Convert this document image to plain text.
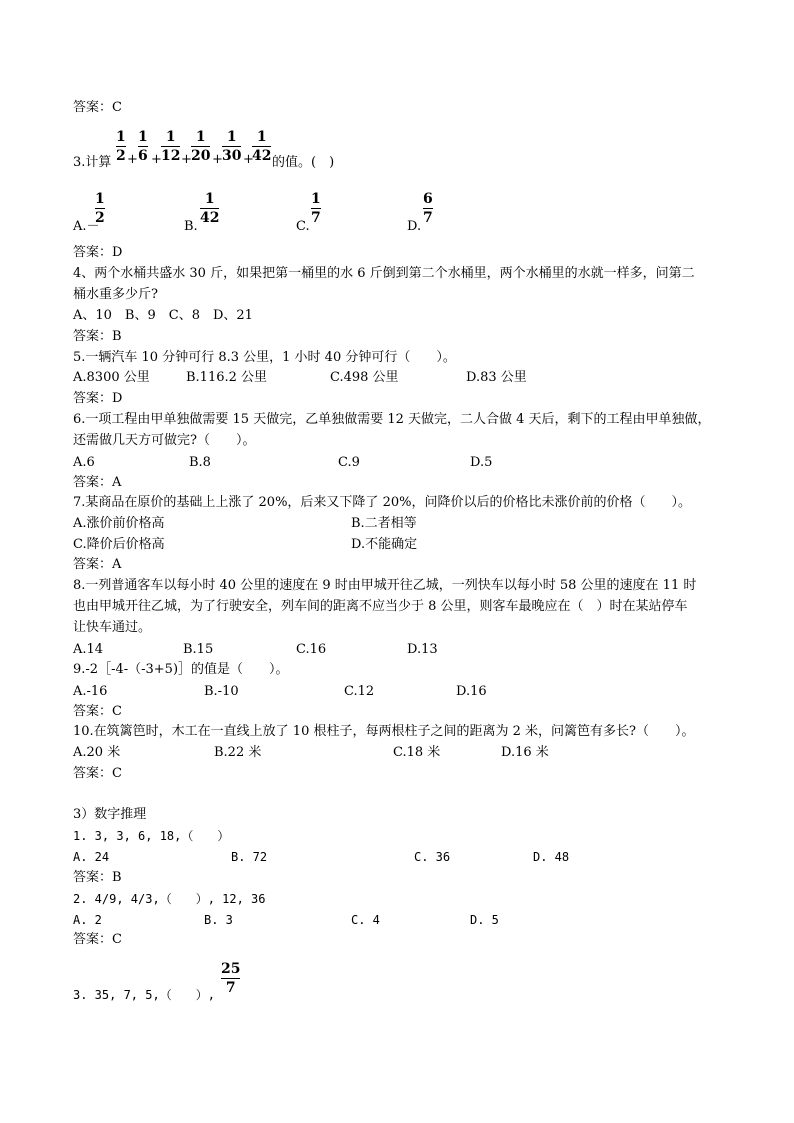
答案：C
1
2 +
1
6 +
1
12 +
1
20 +
1
30 +
1
42
3.计算	的值。(　)
A.－
1
2
B.
1
42
C.
1
7
D.
6
7
答案：D
4、两个水桶共盛水 30 斤，如果把第一桶里的水 6 斤倒到第二个水桶里，两个水桶里的水就一样多，问第二
桶水重多少斤?
A、10　B、9　C、8　D、21
答案：B
5.一辆汽车 10 分钟可行 8.3 公里，1 小时 40 分钟可行（　　）。
A.8300 公里	B.116.2 公里	C.498 公里	D.83 公里
答案：D
6.一项工程由甲单独做需要 15 天做完，乙单独做需要 12 天做完，二人合做 4 天后，剩下的工程由甲单独做，
还需做几天方可做完?（　　）。
A.6	B.8	C.9	D.5
答案：A
7.某商品在原价的基础上上涨了 20%，后来又下降了 20%，问降价以后的价格比未涨价前的价格（　　）。
A.涨价前价格高	B.二者相等
C.降价后价格高	D.不能确定
答案：A
8.一列普通客车以每小时 40 公里的速度在 9 时由甲城开往乙城，一列快车以每小时 58 公里的速度在 11 时
也由甲城开往乙城，为了行驶安全，列车间的距离不应当少于 8 公里，则客车最晚应在（　）时在某站停车
让快车通过。
A.14	B.15	C.16	D.13
9.-2［-4-（-3+5)］的值是（　　）。
A.-16	B.-10	C.12	D.16
答案：C
10.在筑篱笆时，木工在一直线上放了 10 根柱子，每两根柱子之间的距离为 2 米，问篱笆有多长?（　　）。
A.20 米	B.22 米	C.18 米	D.16 米
答案：C
3）数字推理
1. 3, 3, 6, 18,（　　）
A. 24	B. 72	C. 36	D. 48
答案：B
2. 4/9, 4/3,（　　）, 12, 36
A. 2	B. 3	C. 4	D. 5
答案：C
25
7
3. 35, 7, 5,（　　）,
